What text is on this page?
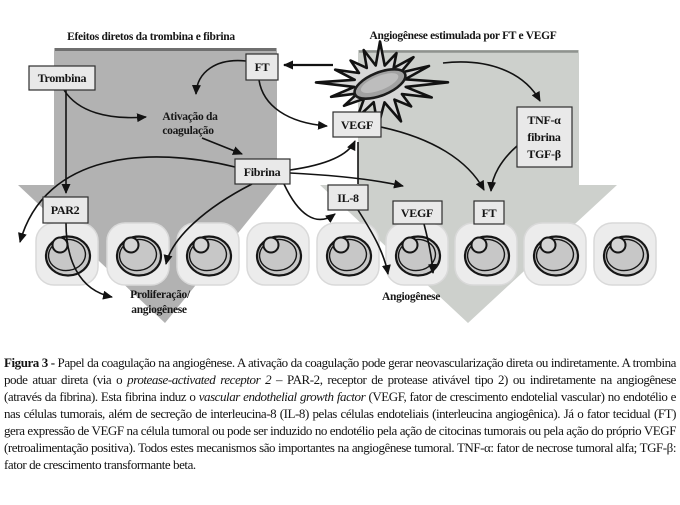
Efeitos diretos da trombina e fibrina	Angiogênese estimulada por FT e VEGF
Trombina
FT
VEGF
Fibrina
IL-8
PAR2	VEGF	FT
TNF-α
fibrina
TGF-β
Ativação da
coagulação
Proliferação/
angiogênese
Angiogênese
Figura 3 - Papel da coagulação na angiogênese. A ativação da coagulação pode gerar neovascularização direta ou indiretamente. A trombina pode atuar direta (via o protease-activated receptor 2 – PAR-2, receptor de protease ativável tipo 2) ou indiretamente na angiogênese (através da fibrina). Esta fibrina induz o vascular endothelial growth factor (VEGF, fator de crescimento endotelial vascular) no endotélio e nas células tumorais, além de secreção de interleucina-8 (IL-8) pelas células endoteliais (interleucina angiogênica). Já o fator tecidual (FT) gera expressão de VEGF na célula tumoral ou pode ser induzido no endotélio pela ação de citocinas tumorais ou pela ação do próprio VEGF (retroalimentação positiva). Todos estes mecanismos são importantes na angiogênese tumoral. TNF-α: fator de necrose tumoral alfa; TGF-β: fator de crescimento transformante beta.
